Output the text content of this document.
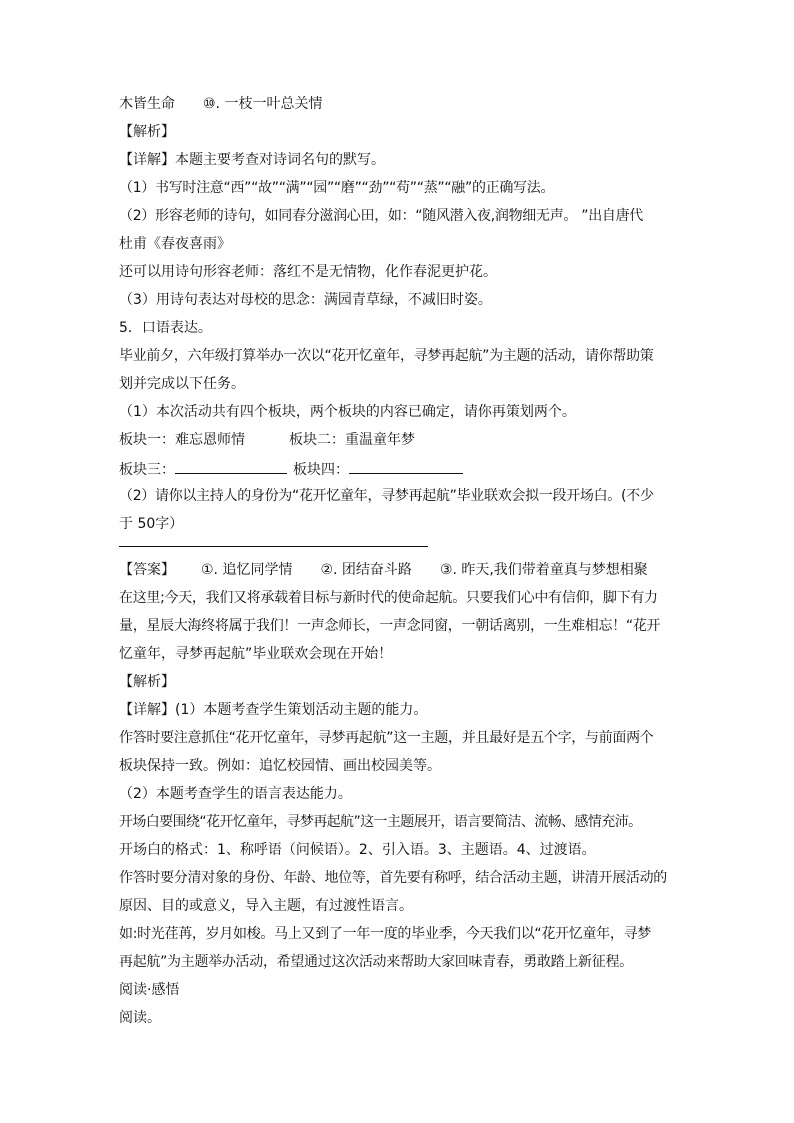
木皆生命 ⑩. 一枝一叶总关情

【解析】

【详解】本题主要考查对诗词名句的默写。

（1）书写时注意“西”“故”“满”“园”“磨”“劲”“苟”“蒸”“融”的正确写法。

（2）形容老师的诗句，如同春分滋润心田，如：“随风潜入夜,润物细无声。 ”出自唐代

杜甫《春夜喜雨》

还可以用诗句形容老师：落红不是无情物，化作春泥更护花。

（3）用诗句表达对母校的思念：满园青草绿，不减旧时姿。

5．口语表达。

毕业前夕，六年级打算举办一次以“花开忆童年，寻梦再起航”为主题的活动，请你帮助策

划并完成以下任务。

（1）本次活动共有四个板块，两个板块的内容已确定，请你再策划两个。

板块一：难忘恩师情	板块二：重温童年梦

板块三：	板块四：

（2）请你以主持人的身份为“花开忆童年，寻梦再起航”毕业联欢会拟一段开场白。(不少

于 50字）

【答案】 ①. 追忆同学情 ②. 团结奋斗路 ③. 昨天,我们带着童真与梦想相聚

在这里;今天，我们又将承载着目标与新时代的使命起航。只要我们心中有信仰，脚下有力

量，星辰大海终将属于我们！一声念师长，一声念同窗，一朝话离别，一生难相忘！“花开

忆童年，寻梦再起航”毕业联欢会现在开始！

【解析】

【详解】(1）本题考查学生策划活动主题的能力。

作答时要注意抓住“花开忆童年，寻梦再起航”这一主题，并且最好是五个字，与前面两个

板块保持一致。例如：追忆校园情、画出校园美等。

（2）本题考查学生的语言表达能力。

开场白要围绕“花开忆童年，寻梦再起航”这一主题展开，语言要简洁、流畅、感情充沛。

开场白的格式：1、称呼语（问候语）。2、引入语。3、主题语。4、过渡语。

作答时要分清对象的身份、年龄、地位等，首先要有称呼，结合活动主题，讲清开展活动的

原因、目的或意义，导入主题，有过渡性语言。

如:时光荏苒，岁月如梭。马上又到了一年一度的毕业季，今天我们以“花开忆童年，寻梦

再起航”为主题举办活动，希望通过这次活动来帮助大家回味青春，勇敢踏上新征程。

阅读·感悟

阅读。
